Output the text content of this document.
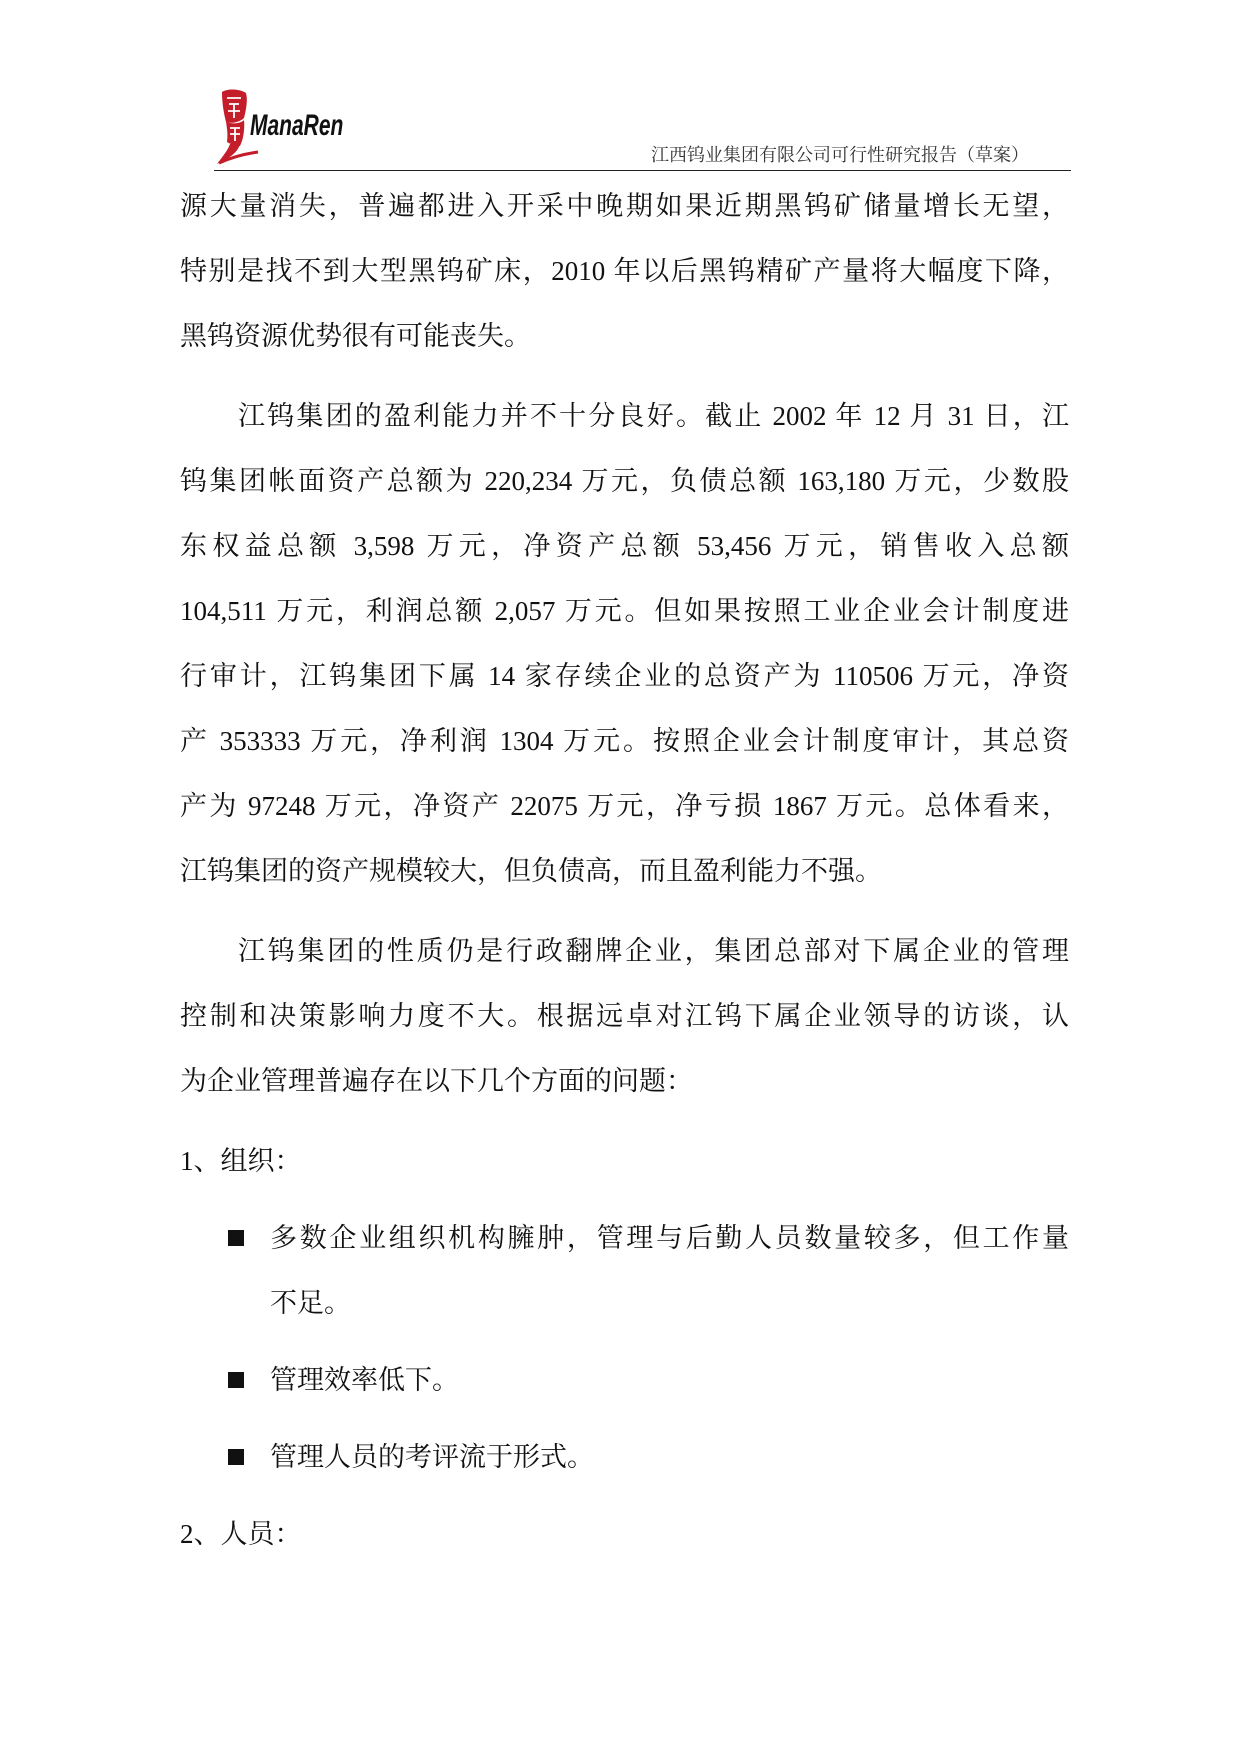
ManaRen
江西钨业集团有限公司可行性研究报告（草案）
源大量消失，普遍都进入开采中晚期如果近期黑钨矿储量增长无望，
特别是找不到大型黑钨矿床，2010 年以后黑钨精矿产量将大幅度下降，
黑钨资源优势很有可能丧失。
江钨集团的盈利能力并不十分良好。截止 2002 年 12 月 31 日，江
钨集团帐面资产总额为 220,234 万元，负债总额 163,180 万元，少数股
东权益总额 3,598 万元，净资产总额 53,456 万元，销售收入总额
104,511 万元，利润总额 2,057 万元。但如果按照工业企业会计制度进
行审计，江钨集团下属 14 家存续企业的总资产为 110506 万元，净资
产 353333 万元，净利润 1304 万元。按照企业会计制度审计，其总资
产为 97248 万元，净资产 22075 万元，净亏损 1867 万元。总体看来，
江钨集团的资产规模较大，但负债高，而且盈利能力不强。
江钨集团的性质仍是行政翻牌企业，集团总部对下属企业的管理
控制和决策影响力度不大。根据远卓对江钨下属企业领导的访谈，认
为企业管理普遍存在以下几个方面的问题：
1、组织：
多数企业组织机构臃肿，管理与后勤人员数量较多，但工作量
不足。
管理效率低下。
管理人员的考评流于形式。
2、人员：
